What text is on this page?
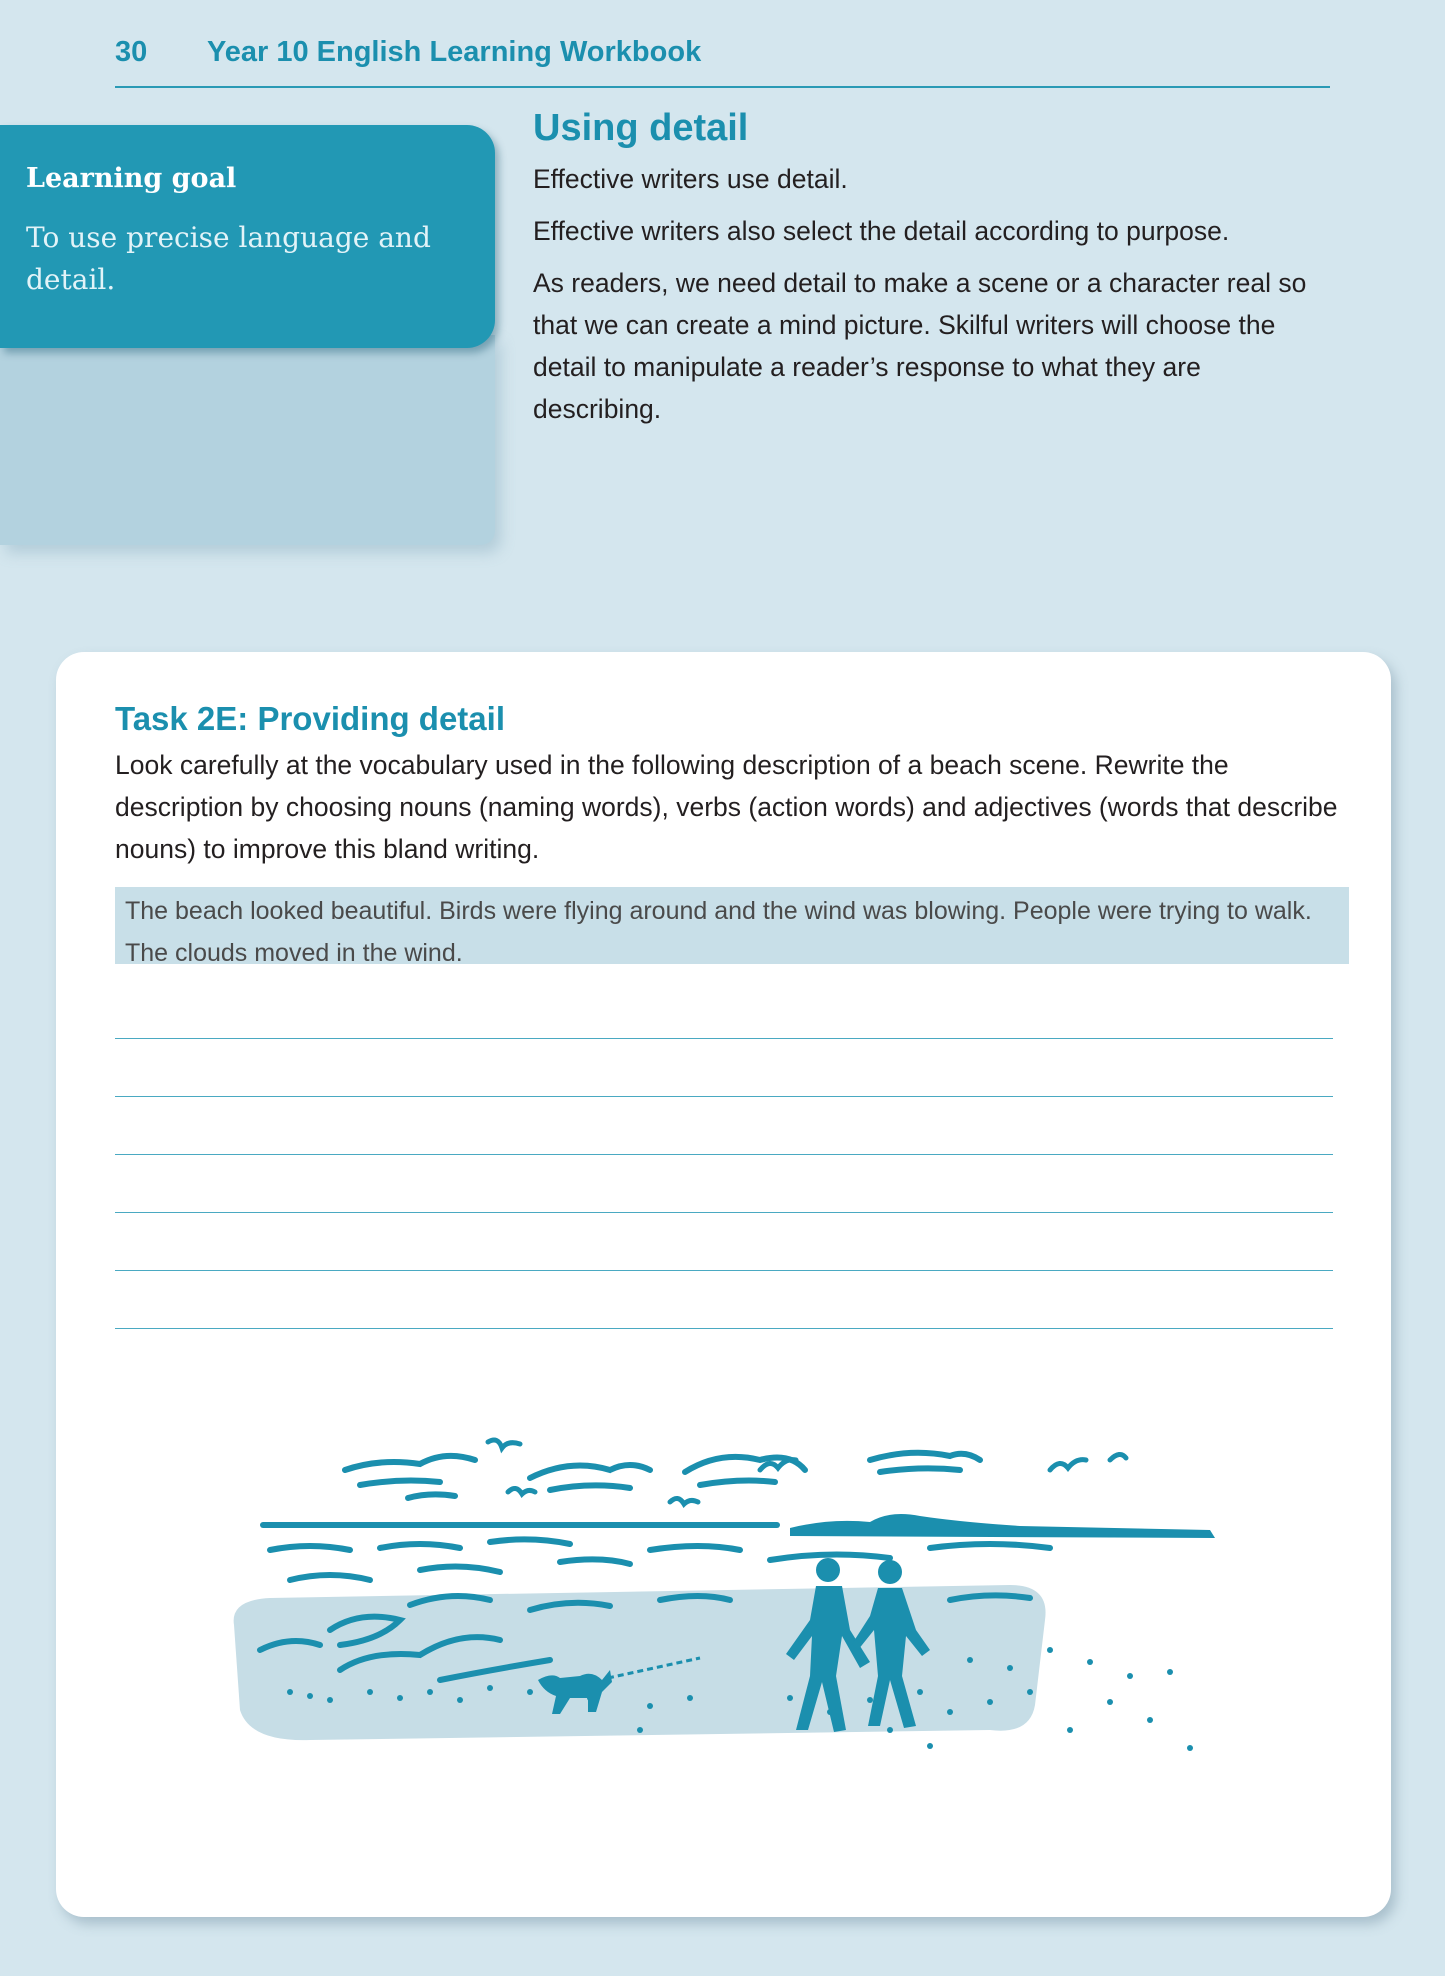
30 Year 10 English Learning Workbook
Learning goal
To use precise language and detail.
Using detail

Effective writers use detail.

Effective writers also select the detail according to purpose.

As readers, we need detail to make a scene or a character real so that we can create a mind picture. Skilful writers will choose the detail to manipulate a reader’s response to what they are describing.

Task 2E: Providing detail

Look carefully at the vocabulary used in the following description of a beach scene. Rewrite the description by choosing nouns (naming words), verbs (action words) and adjectives (words that describe nouns) to improve this bland writing.

The beach looked beautiful. Birds were flying around and the wind was blowing. People were trying to walk. The clouds moved in the wind.
